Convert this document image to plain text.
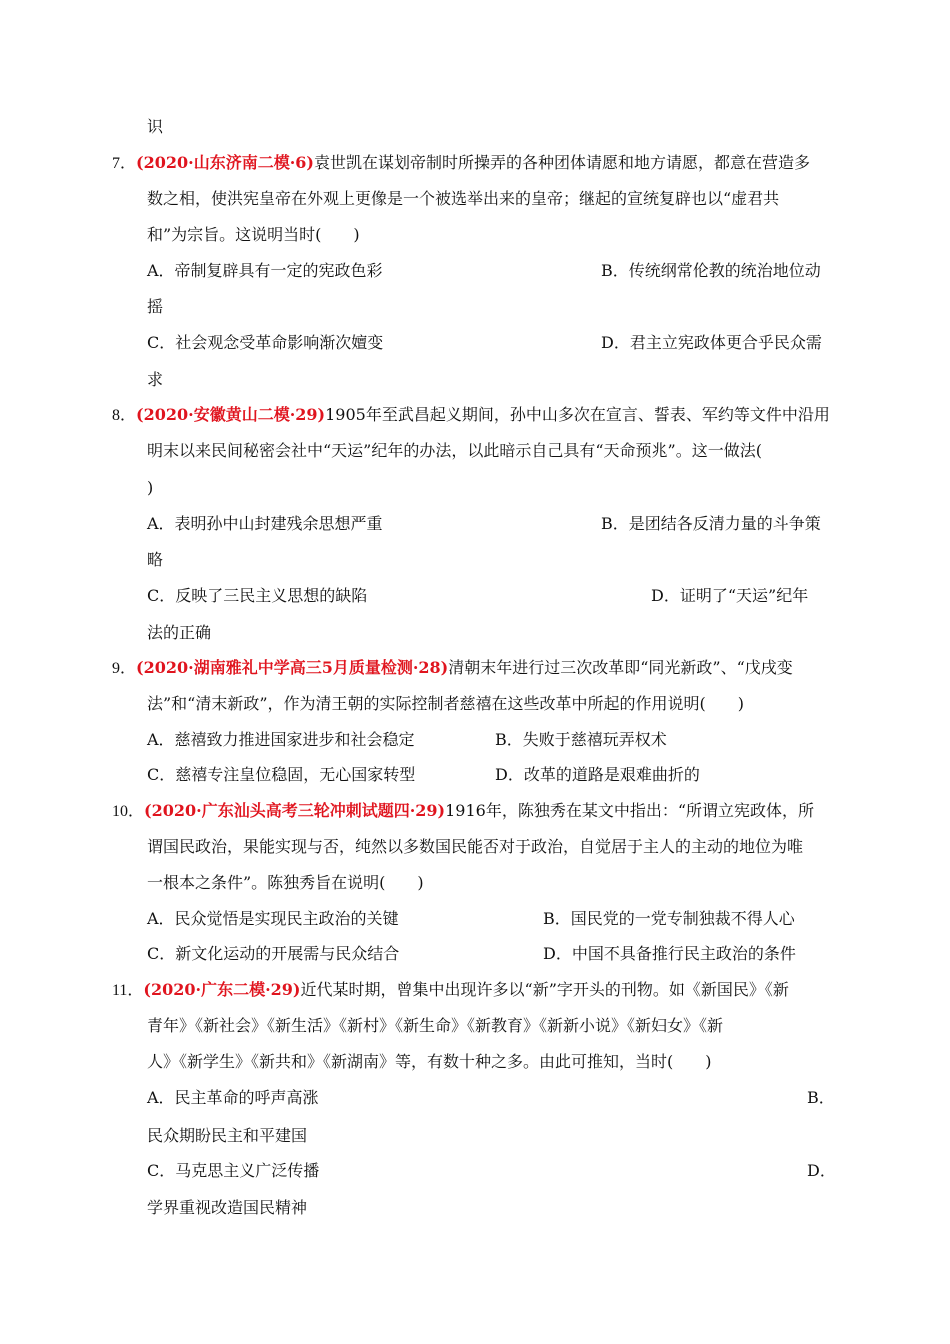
识
7．(2020·山东济南二模·6)袁世凯在谋划帝制时所操弄的各种团体请愿和地方请愿，都意在营造多
数之相，使洪宪皇帝在外观上更像是一个被选举出来的皇帝；继起的宣统复辟也以“虚君共
和”为宗旨。这说明当时(　　)
A．帝制复辟具有一定的宪政色彩	B．传统纲常伦教的统治地位动
摇
C．社会观念受革命影响渐次嬗变	D．君主立宪政体更合乎民众需
求
8．(2020·安徽黄山二模·29)1905年至武昌起义期间，孙中山多次在宣言、誓表、军约等文件中沿用
明末以来民间秘密会社中“天运”纪年的办法，以此暗示自己具有“天命预兆”。这一做法(
)
A．表明孙中山封建残余思想严重	B．是团结各反清力量的斗争策
略
C．反映了三民主义思想的缺陷	D．证明了“天运”纪年
法的正确
9．(2020·湖南雅礼中学高三5月质量检测·28)清朝末年进行过三次改革即“同光新政”、“戊戌变
法”和“清末新政”，作为清王朝的实际控制者慈禧在这些改革中所起的作用说明(　　)
A．慈禧致力推进国家进步和社会稳定	B．失败于慈禧玩弄权术
C．慈禧专注皇位稳固，无心国家转型	D．改革的道路是艰难曲折的
10．(2020·广东汕头高考三轮冲刺试题四·29)1916年，陈独秀在某文中指出：“所谓立宪政体，所
谓国民政治，果能实现与否，纯然以多数国民能否对于政治，自觉居于主人的主动的地位为唯
一根本之条件”。陈独秀旨在说明(　　)
A．民众觉悟是实现民主政治的关键	B．国民党的一党专制独裁不得人心
C．新文化运动的开展需与民众结合	D．中国不具备推行民主政治的条件
11．(2020·广东二模·29)近代某时期，曾集中出现许多以“新”字开头的刊物。如《新国民》《新
青年》《新社会》《新生活》《新村》《新生命》《新教育》《新新小说》《新妇女》《新
人》《新学生》《新共和》《新湖南》等，有数十种之多。由此可推知，当时(　　)
A．民主革命的呼声高涨	B．
民众期盼民主和平建国
C．马克思主义广泛传播	D．
学界重视改造国民精神
